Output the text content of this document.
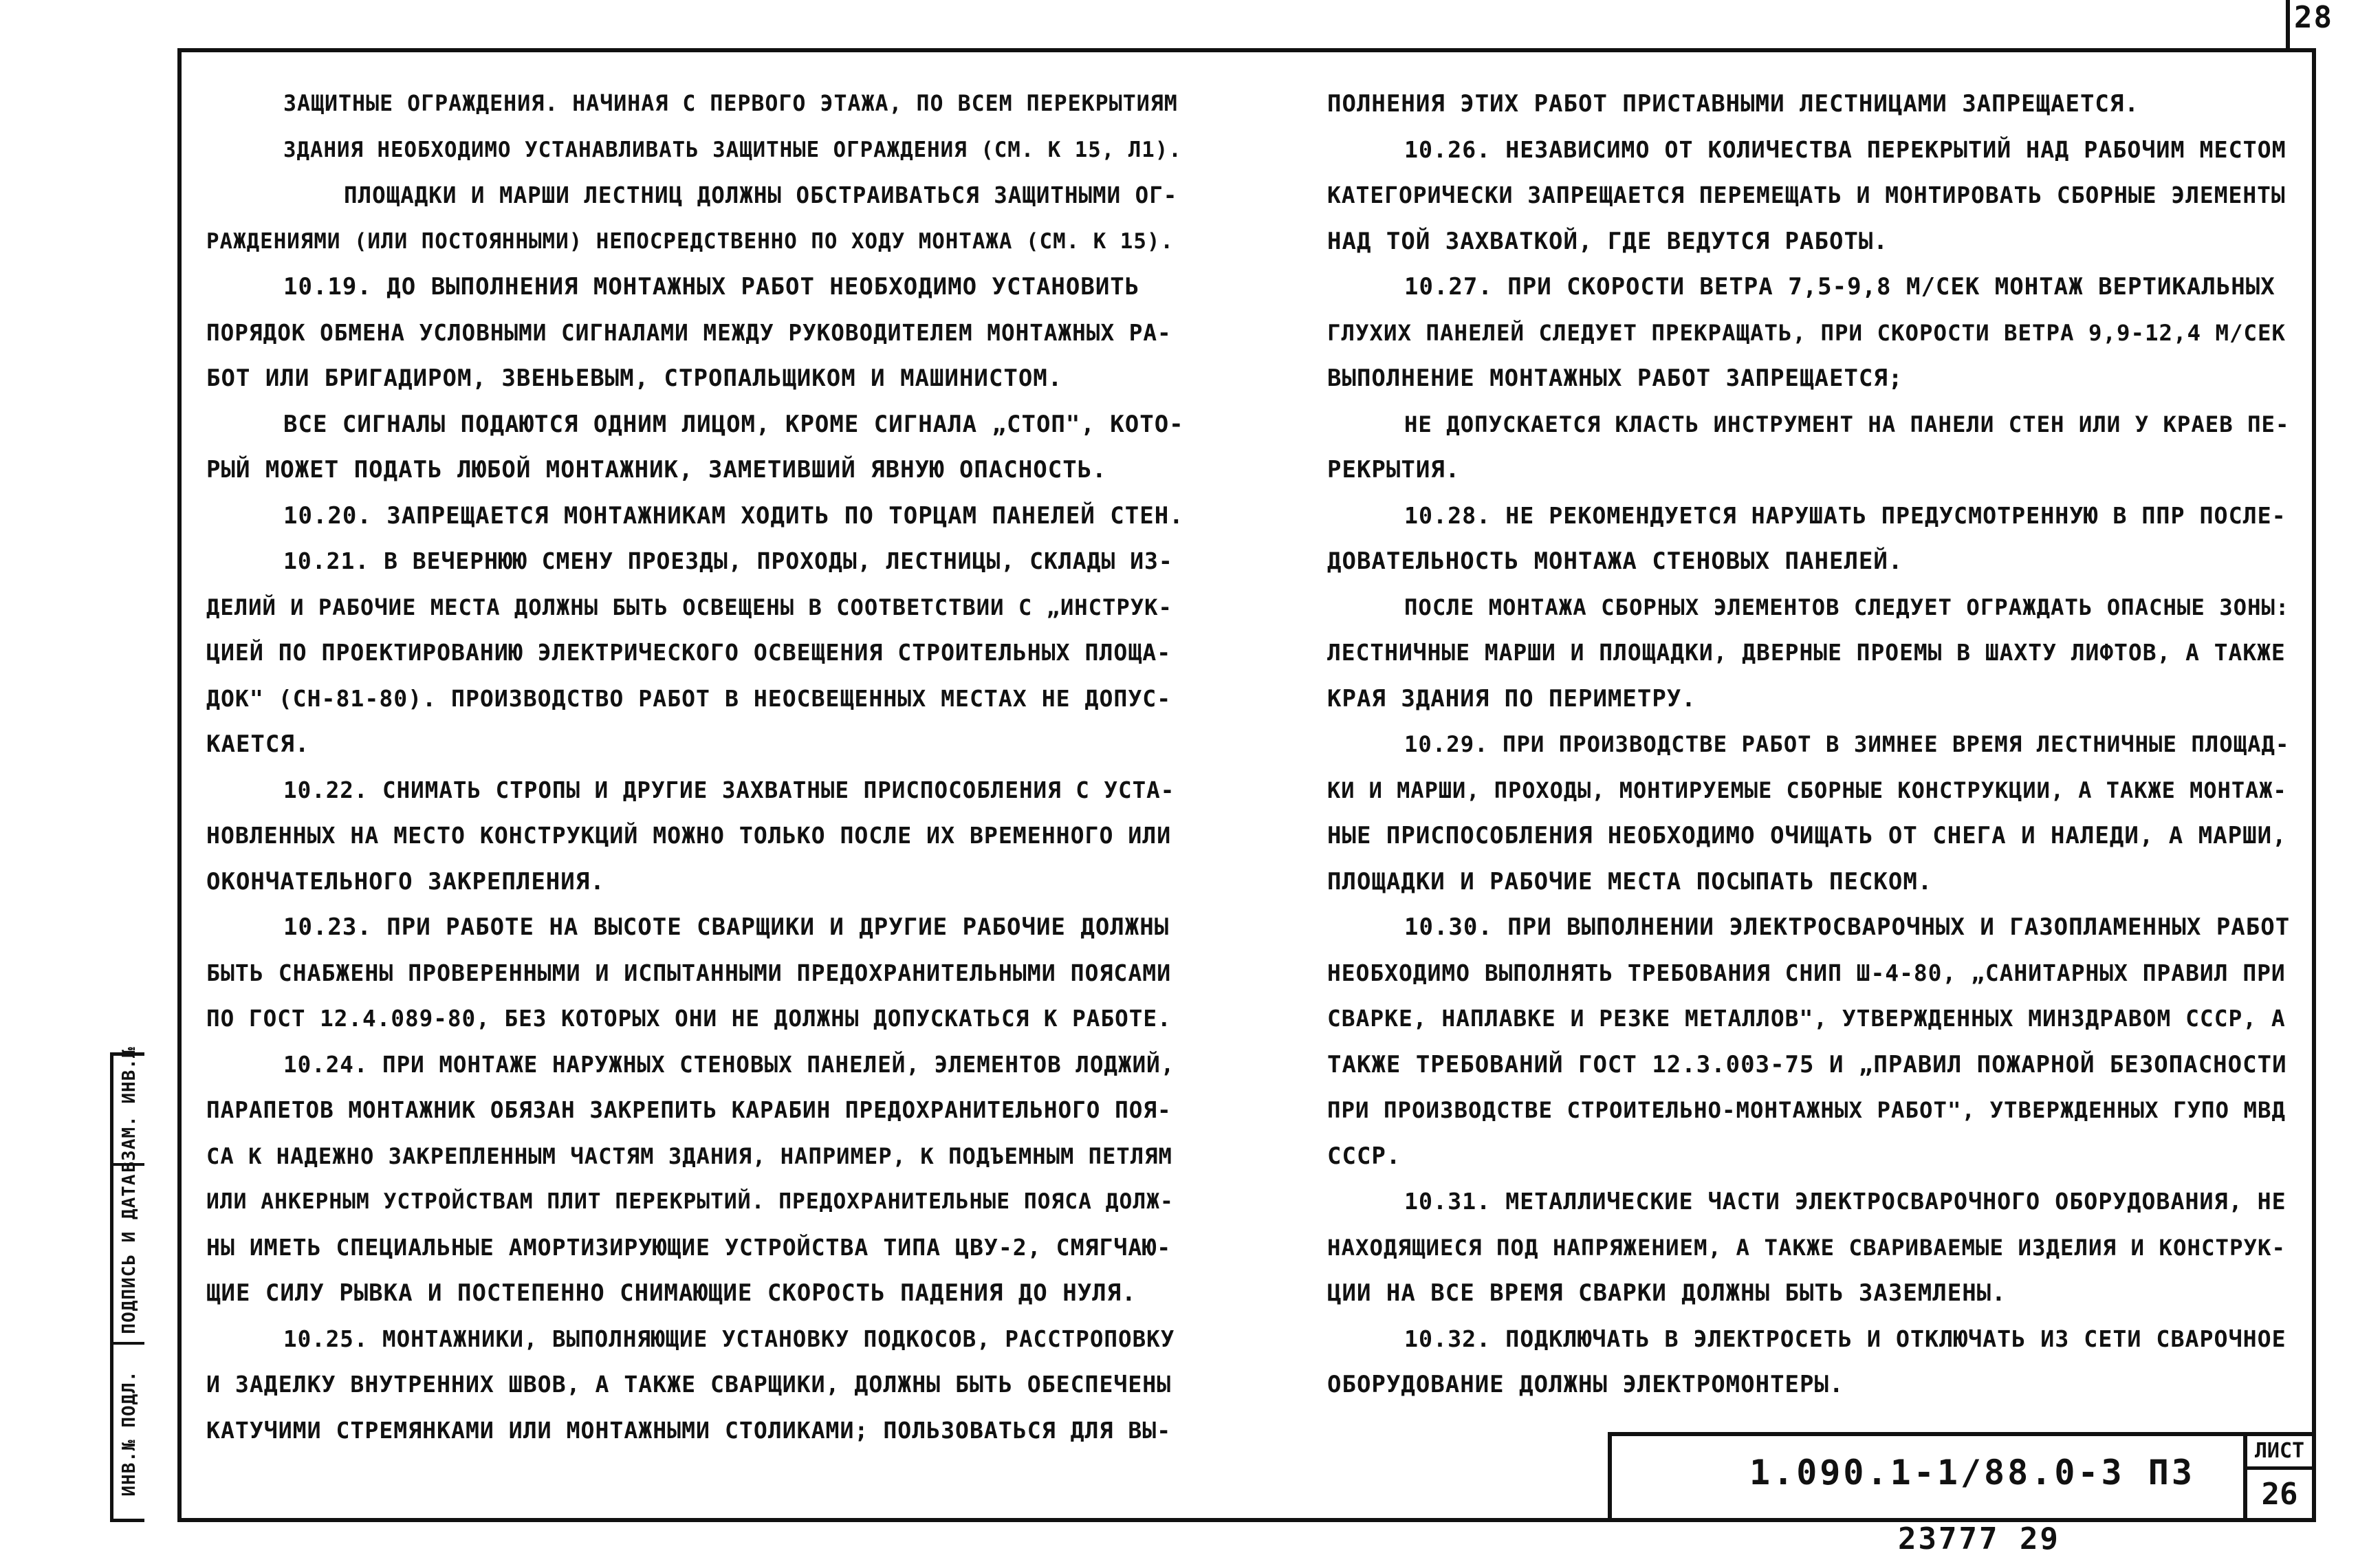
28
ЗАЩИТНЫЕ ОГРАЖДЕНИЯ. НАЧИНАЯ С ПЕРВОГО ЭТАЖА, ПО ВСЕМ ПЕРЕКРЫТИЯМ
ЗДАНИЯ НЕОБХОДИМО УСТАНАВЛИВАТЬ ЗАЩИТНЫЕ ОГРАЖДЕНИЯ (СМ. К 15, Л1).
ПЛОЩАДКИ И МАРШИ ЛЕСТНИЦ ДОЛЖНЫ ОБСТРАИВАТЬСЯ ЗАЩИТНЫМИ ОГ-
РАЖДЕНИЯМИ (ИЛИ ПОСТОЯННЫМИ) НЕПОСРЕДСТВЕННО ПО ХОДУ МОНТАЖА (СМ. К 15).
10.19. ДО ВЫПОЛНЕНИЯ МОНТАЖНЫХ РАБОТ НЕОБХОДИМО УСТАНОВИТЬ
ПОРЯДОК ОБМЕНА УСЛОВНЫМИ СИГНАЛАМИ МЕЖДУ РУКОВОДИТЕЛЕМ МОНТАЖНЫХ РА-
БОТ ИЛИ БРИГАДИРОМ, ЗВЕНЬЕВЫМ, СТРОПАЛЬЩИКОМ И МАШИНИСТОМ.
ВСЕ СИГНАЛЫ ПОДАЮТСЯ ОДНИМ ЛИЦОМ, КРОМЕ СИГНАЛА „СТОП", КОТО-
РЫЙ МОЖЕТ ПОДАТЬ ЛЮБОЙ МОНТАЖНИК, ЗАМЕТИВШИЙ ЯВНУЮ ОПАСНОСТЬ.
10.20. ЗАПРЕЩАЕТСЯ МОНТАЖНИКАМ ХОДИТЬ ПО ТОРЦАМ ПАНЕЛЕЙ СТЕН.
10.21. В ВЕЧЕРНЮЮ СМЕНУ ПРОЕЗДЫ, ПРОХОДЫ, ЛЕСТНИЦЫ, СКЛАДЫ ИЗ-
ДЕЛИЙ И РАБОЧИЕ МЕСТА ДОЛЖНЫ БЫТЬ ОСВЕЩЕНЫ В СООТВЕТСТВИИ С „ИНСТРУК-
ЦИЕЙ ПО ПРОЕКТИРОВАНИЮ ЭЛЕКТРИЧЕСКОГО ОСВЕЩЕНИЯ СТРОИТЕЛЬНЫХ ПЛОЩА-
ДОК" (СН-81-80). ПРОИЗВОДСТВО РАБОТ В НЕОСВЕЩЕННЫХ МЕСТАХ НЕ ДОПУС-
КАЕТСЯ.
10.22. СНИМАТЬ СТРОПЫ И ДРУГИЕ ЗАХВАТНЫЕ ПРИСПОСОБЛЕНИЯ С УСТА-
НОВЛЕННЫХ НА МЕСТО КОНСТРУКЦИЙ МОЖНО ТОЛЬКО ПОСЛЕ ИХ ВРЕМЕННОГО ИЛИ
ОКОНЧАТЕЛЬНОГО ЗАКРЕПЛЕНИЯ.
10.23. ПРИ РАБОТЕ НА ВЫСОТЕ СВАРЩИКИ И ДРУГИЕ РАБОЧИЕ ДОЛЖНЫ
БЫТЬ СНАБЖЕНЫ ПРОВЕРЕННЫМИ И ИСПЫТАННЫМИ ПРЕДОХРАНИТЕЛЬНЫМИ ПОЯСАМИ
ПО ГОСТ 12.4.089-80, БЕЗ КОТОРЫХ ОНИ НЕ ДОЛЖНЫ ДОПУСКАТЬСЯ К РАБОТЕ.
10.24. ПРИ МОНТАЖЕ НАРУЖНЫХ СТЕНОВЫХ ПАНЕЛЕЙ, ЭЛЕМЕНТОВ ЛОДЖИЙ,
ПАРАПЕТОВ МОНТАЖНИК ОБЯЗАН ЗАКРЕПИТЬ КАРАБИН ПРЕДОХРАНИТЕЛЬНОГО ПОЯ-
СА К НАДЕЖНО ЗАКРЕПЛЕННЫМ ЧАСТЯМ ЗДАНИЯ, НАПРИМЕР, К ПОДЪЕМНЫМ ПЕТЛЯМ
ИЛИ АНКЕРНЫМ УСТРОЙСТВАМ ПЛИТ ПЕРЕКРЫТИЙ. ПРЕДОХРАНИТЕЛЬНЫЕ ПОЯСА ДОЛЖ-
НЫ ИМЕТЬ СПЕЦИАЛЬНЫЕ АМОРТИЗИРУЮЩИЕ УСТРОЙСТВА ТИПА ЦВУ-2, СМЯГЧАЮ-
ЩИЕ СИЛУ РЫВКА И ПОСТЕПЕННО СНИМАЮЩИЕ СКОРОСТЬ ПАДЕНИЯ ДО НУЛЯ.
10.25. МОНТАЖНИКИ, ВЫПОЛНЯЮЩИЕ УСТАНОВКУ ПОДКОСОВ, РАССТРОПОВКУ
И ЗАДЕЛКУ ВНУТРЕННИХ ШВОВ, А ТАКЖЕ СВАРЩИКИ, ДОЛЖНЫ БЫТЬ ОБЕСПЕЧЕНЫ
КАТУЧИМИ СТРЕМЯНКАМИ ИЛИ МОНТАЖНЫМИ СТОЛИКАМИ; ПОЛЬЗОВАТЬСЯ ДЛЯ ВЫ-
ПОЛНЕНИЯ ЭТИХ РАБОТ ПРИСТАВНЫМИ ЛЕСТНИЦАМИ ЗАПРЕЩАЕТСЯ.
10.26. НЕЗАВИСИМО ОТ КОЛИЧЕСТВА ПЕРЕКРЫТИЙ НАД РАБОЧИМ МЕСТОМ
КАТЕГОРИЧЕСКИ ЗАПРЕЩАЕТСЯ ПЕРЕМЕЩАТЬ И МОНТИРОВАТЬ СБОРНЫЕ ЭЛЕМЕНТЫ
НАД ТОЙ ЗАХВАТКОЙ, ГДЕ ВЕДУТСЯ РАБОТЫ.
10.27. ПРИ СКОРОСТИ ВЕТРА 7,5-9,8 М/СЕК МОНТАЖ ВЕРТИКАЛЬНЫХ
ГЛУХИХ ПАНЕЛЕЙ СЛЕДУЕТ ПРЕКРАЩАТЬ, ПРИ СКОРОСТИ ВЕТРА 9,9-12,4 М/СЕК
ВЫПОЛНЕНИЕ МОНТАЖНЫХ РАБОТ ЗАПРЕЩАЕТСЯ;
НЕ ДОПУСКАЕТСЯ КЛАСТЬ ИНСТРУМЕНТ НА ПАНЕЛИ СТЕН ИЛИ У КРАЕВ ПЕ-
РЕКРЫТИЯ.
10.28. НЕ РЕКОМЕНДУЕТСЯ НАРУШАТЬ ПРЕДУСМОТРЕННУЮ В ППР ПОСЛЕ-
ДОВАТЕЛЬНОСТЬ МОНТАЖА СТЕНОВЫХ ПАНЕЛЕЙ.
ПОСЛЕ МОНТАЖА СБОРНЫХ ЭЛЕМЕНТОВ СЛЕДУЕТ ОГРАЖДАТЬ ОПАСНЫЕ ЗОНЫ:
ЛЕСТНИЧНЫЕ МАРШИ И ПЛОЩАДКИ, ДВЕРНЫЕ ПРОЕМЫ В ШАХТУ ЛИФТОВ, А ТАКЖЕ
КРАЯ ЗДАНИЯ ПО ПЕРИМЕТРУ.
10.29. ПРИ ПРОИЗВОДСТВЕ РАБОТ В ЗИМНЕЕ ВРЕМЯ ЛЕСТНИЧНЫЕ ПЛОЩАД-
КИ И МАРШИ, ПРОХОДЫ, МОНТИРУЕМЫЕ СБОРНЫЕ КОНСТРУКЦИИ, А ТАКЖЕ МОНТАЖ-
НЫЕ ПРИСПОСОБЛЕНИЯ НЕОБХОДИМО ОЧИЩАТЬ ОТ СНЕГА И НАЛЕДИ, А МАРШИ,
ПЛОЩАДКИ И РАБОЧИЕ МЕСТА ПОСЫПАТЬ ПЕСКОМ.
10.30. ПРИ ВЫПОЛНЕНИИ ЭЛЕКТРОСВАРОЧНЫХ И ГАЗОПЛАМЕННЫХ РАБОТ
НЕОБХОДИМО ВЫПОЛНЯТЬ ТРЕБОВАНИЯ СНИП Ш-4-80, „САНИТАРНЫХ ПРАВИЛ ПРИ
СВАРКЕ, НАПЛАВКЕ И РЕЗКЕ МЕТАЛЛОВ", УТВЕРЖДЕННЫХ МИНЗДРАВОМ СССР, А
ТАКЖЕ ТРЕБОВАНИЙ ГОСТ 12.3.003-75 И „ПРАВИЛ ПОЖАРНОЙ БЕЗОПАСНОСТИ
ПРИ ПРОИЗВОДСТВЕ СТРОИТЕЛЬНО-МОНТАЖНЫХ РАБОТ", УТВЕРЖДЕННЫХ ГУПО МВД
СССР.
10.31. МЕТАЛЛИЧЕСКИЕ ЧАСТИ ЭЛЕКТРОСВАРОЧНОГО ОБОРУДОВАНИЯ, НЕ
НАХОДЯЩИЕСЯ ПОД НАПРЯЖЕНИЕМ, А ТАКЖЕ СВАРИВАЕМЫЕ ИЗДЕЛИЯ И КОНСТРУК-
ЦИИ НА ВСЕ ВРЕМЯ СВАРКИ ДОЛЖНЫ БЫТЬ ЗАЗЕМЛЕНЫ.
10.32. ПОДКЛЮЧАТЬ В ЭЛЕКТРОСЕТЬ И ОТКЛЮЧАТЬ ИЗ СЕТИ СВАРОЧНОЕ
ОБОРУДОВАНИЕ ДОЛЖНЫ ЭЛЕКТРОМОНТЕРЫ.
ВЗАМ. ИНВ.№
ПОДПИСЬ И ДАТА
ИНВ.№ ПОДЛ.	1.090.1-1/88.0-3 ПЗ
ЛИСТ
26
23777 29
